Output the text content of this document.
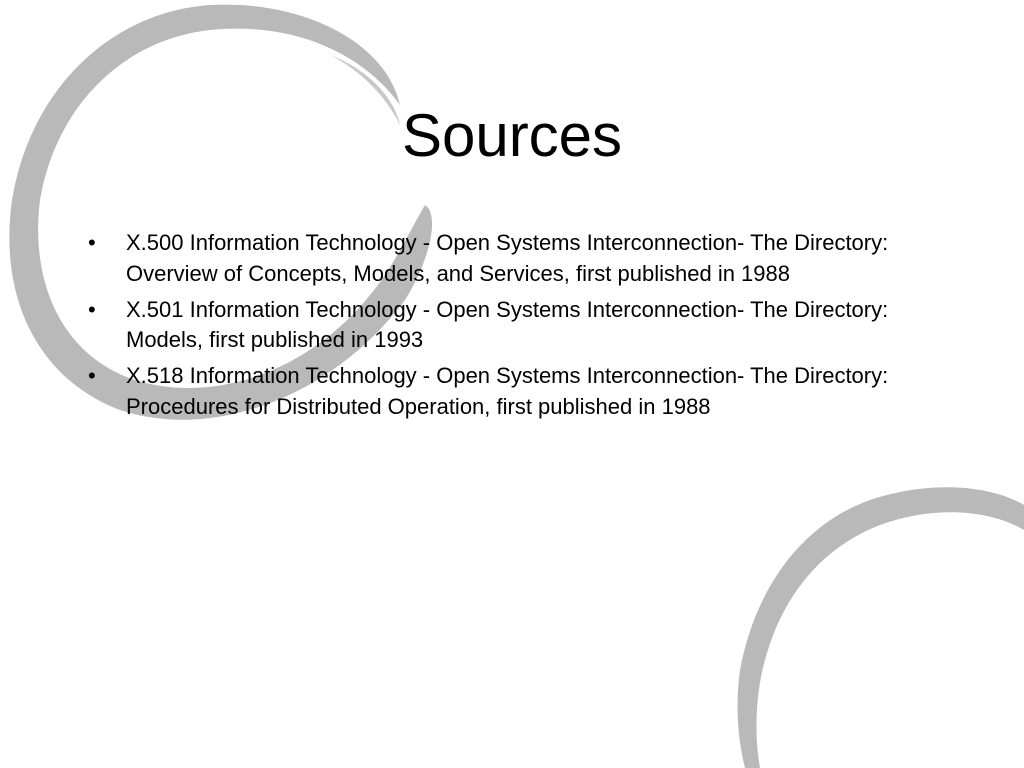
Sources
• X.500 Information Technology - Open Systems Interconnection- The Directory: Overview of Concepts, Models, and Services, first published in 1988
• X.501 Information Technology - Open Systems Interconnection- The Directory: Models, first published in 1993
• X.518 Information Technology - Open Systems Interconnection- The Directory: Procedures for Distributed Operation, first published in 1988
